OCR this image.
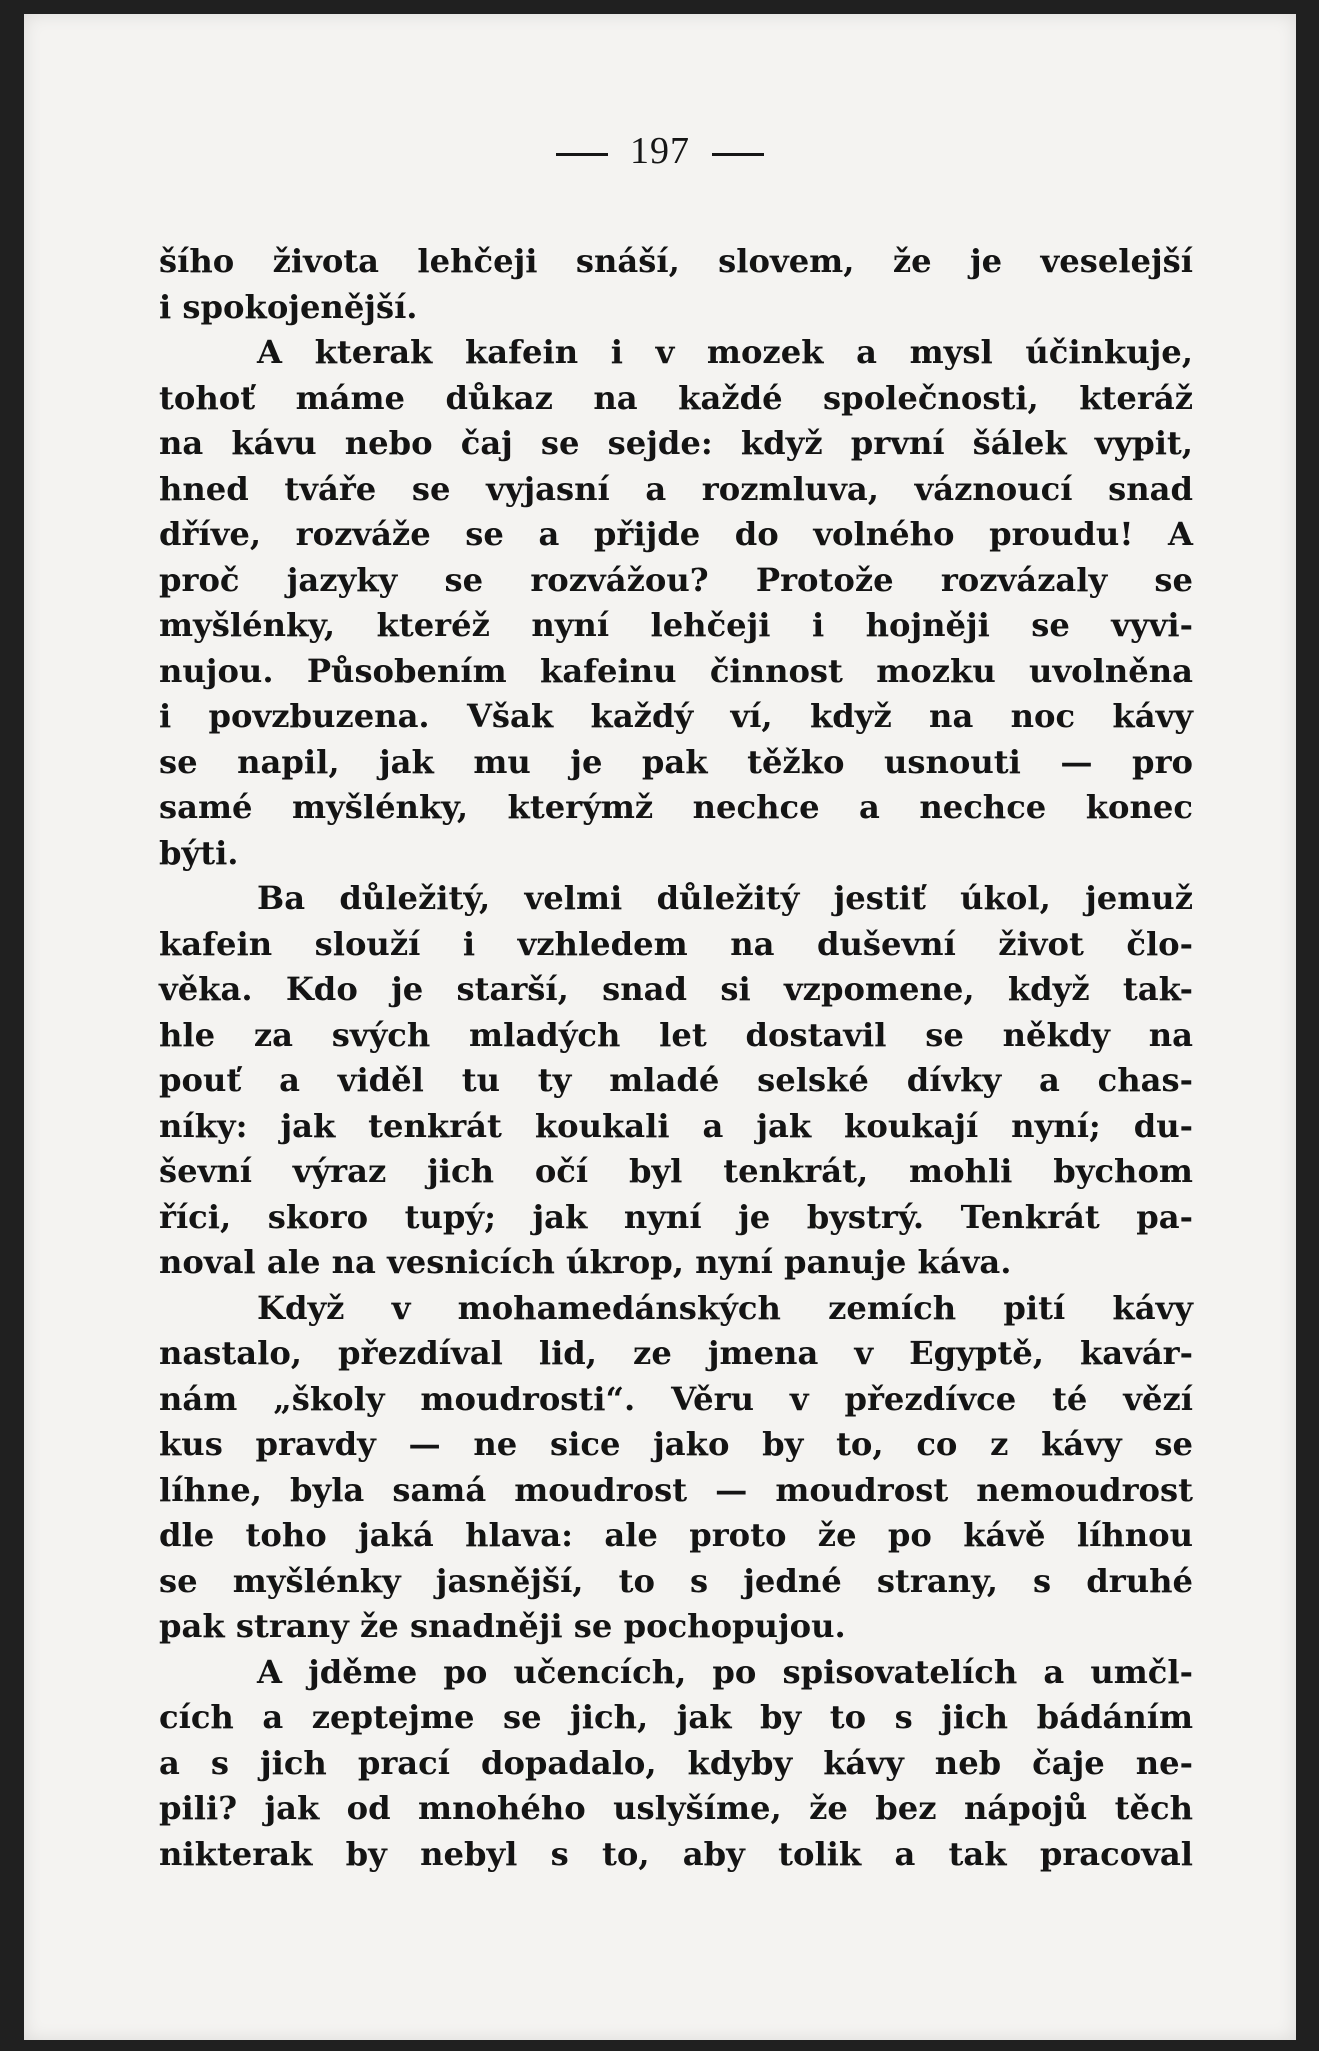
197
šího života lehčeji snáší, slovem, že je veselejší
i spokojenější.
A kterak kafein i v mozek a mysl účinkuje,
tohoť máme důkaz na každé společnosti, kteráž
na kávu nebo čaj se sejde: když první šálek vypit,
hned tváře se vyjasní a rozmluva, váznoucí snad
dříve, rozváže se a přijde do volného proudu! A
proč jazyky se rozvážou? Protože rozvázaly se
myšlénky, kteréž nyní lehčeji i hojněji se vyvi-
nujou. Působením kafeinu činnost mozku uvolněna
i povzbuzena. Však každý ví, když na noc kávy
se napil, jak mu je pak těžko usnouti — pro
samé myšlénky, kterýmž nechce a nechce konec
býti.
Ba důležitý, velmi důležitý jestiť úkol, jemuž
kafein slouží i vzhledem na duševní život člo-
věka. Kdo je starší, snad si vzpomene, když tak-
hle za svých mladých let dostavil se někdy na
pouť a viděl tu ty mladé selské dívky a chas-
níky: jak tenkrát koukali a jak koukají nyní; du-
ševní výraz jich očí byl tenkrát, mohli bychom
říci, skoro tupý; jak nyní je bystrý. Tenkrát pa-
noval ale na vesnicích úkrop, nyní panuje káva.
Když v mohamedánských zemích pití kávy
nastalo, přezdíval lid, ze jmena v Egyptě, kavár-
nám „školy moudrosti“. Věru v přezdívce té vězí
kus pravdy — ne sice jako by to, co z kávy se
líhne, byla samá moudrost — moudrost nemoudrost
dle toho jaká hlava: ale proto že po kávě líhnou
se myšlénky jasnější, to s jedné strany, s druhé
pak strany že snadněji se pochopujou.
A jděme po učencích, po spisovatelích a umčl-
cích a zeptejme se jich, jak by to s jich bádáním
a s jich prací dopadalo, kdyby kávy neb čaje ne-
pili? jak od mnohého uslyšíme, že bez nápojů těch
nikterak by nebyl s to, aby tolik a tak pracoval
